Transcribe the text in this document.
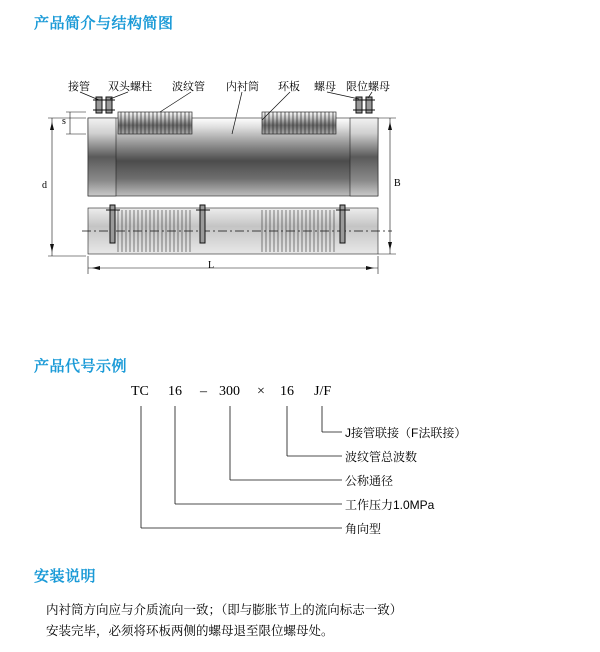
产品简介与结构简图
产品代号示例
安装说明
接管 双头螺柱 波纹管 内衬筒 环板 螺母 限位螺母
s
d	B
L
TC 16 – 300 × 16 J/F
J接管联接（F法联接）
波纹管总波数
公称通径
工作压力1.0MPa
角向型
内衬筒方向应与介质流向一致；（即与膨胀节上的流向标志一致）
安装完毕，必须将环板两侧的螺母退至限位螺母处。
